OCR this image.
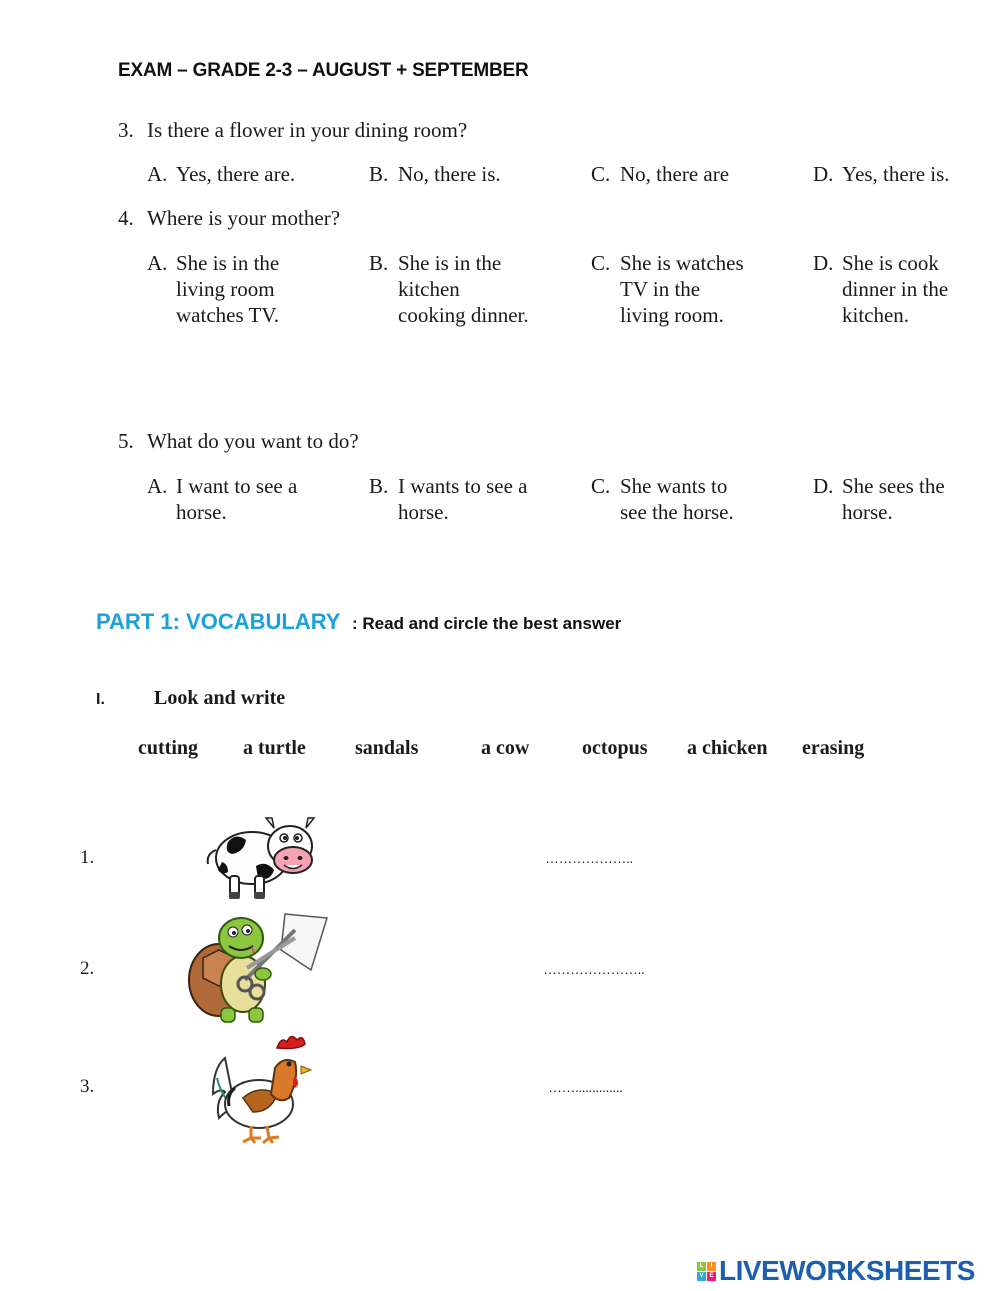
EXAM – GRADE 2-3 – AUGUST + SEPTEMBER
3. Is there a flower in your dining room?
A. Yes, there are.	B. No, there is.	C. No, there are	D. Yes, there is.
4. Where is your mother?
A. She is in the
living room
watches TV.
B. She is in the
kitchen
cooking dinner.
C. She is watches
TV in the
living room.
D. She is cook
dinner in the
kitchen.
5. What do you want to do?
A. I want to see a
horse.
B. I wants to see a
horse.
C. She wants to
see the horse.
D. She sees the
horse.
PART 1: VOCABULARY : Read and circle the best answer
I. Look and write
cutting a turtle sandals	a cow	octopus a chicken erasing
1.	………………..
2.	…………………..
3.	……..............
L	I
V E LIVEWORKSHEETS
